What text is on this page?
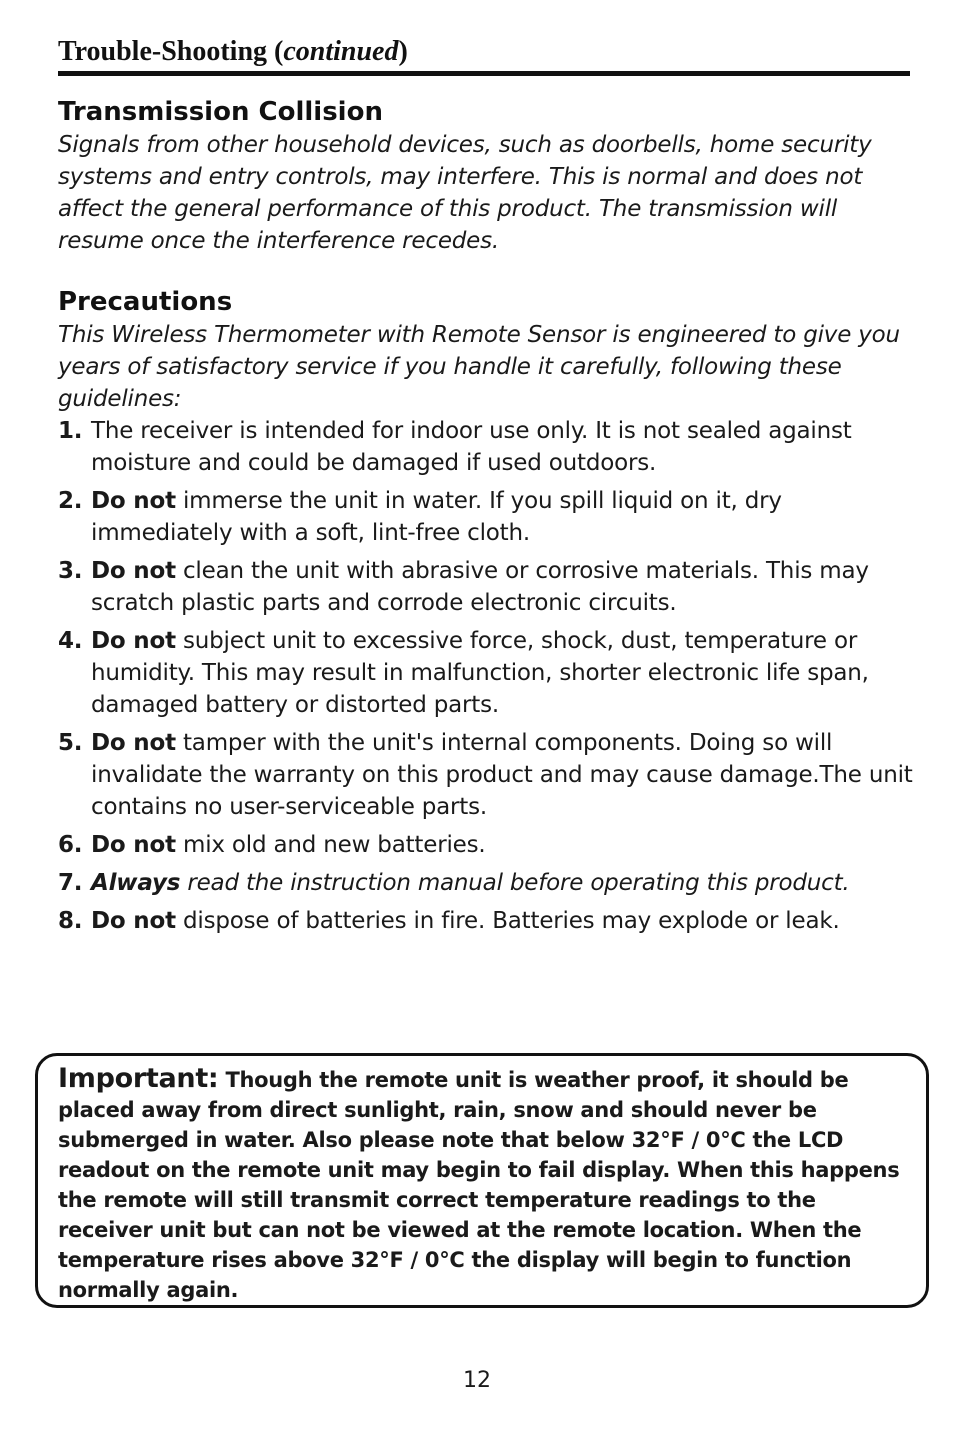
Trouble-Shooting (continued)
Transmission Collision

Signals from other household devices, such as doorbells, home security systems and entry controls, may interfere. This is normal and does not affect the general performance of this product. The transmission will resume once the interference recedes.

Precautions

This Wireless Thermometer with Remote Sensor is engineered to give you years of satisfactory service if you handle it carefully, following these guidelines:

1. The receiver is intended for indoor use only. It is not sealed against moisture and could be damaged if used outdoors.
2. Do not immerse the unit in water. If you spill liquid on it, dry immediately with a soft, lint-free cloth.
3. Do not clean the unit with abrasive or corrosive materials. This may scratch plastic parts and corrode electronic circuits.
4. Do not subject unit to excessive force, shock, dust, temperature or humidity. This may result in malfunction, shorter electronic life span, damaged battery or distorted parts.
5. Do not tamper with the unit's internal components. Doing so will invalidate the warranty on this product and may cause damage.The unit contains no user-serviceable parts.
6. Do not mix old and new batteries.
7. Always read the instruction manual before operating this product.
8. Do not dispose of batteries in fire. Batteries may explode or leak.

Important: Though the remote unit is weather proof, it should be placed away from direct sunlight, rain, snow and should never be submerged in water. Also please note that below 32°F / 0°C the LCD readout on the remote unit may begin to fail display. When this happens the remote will still transmit correct temperature readings to the receiver unit but can not be viewed at the remote location. When the temperature rises above 32°F / 0°C the display will begin to function normally again.

12
